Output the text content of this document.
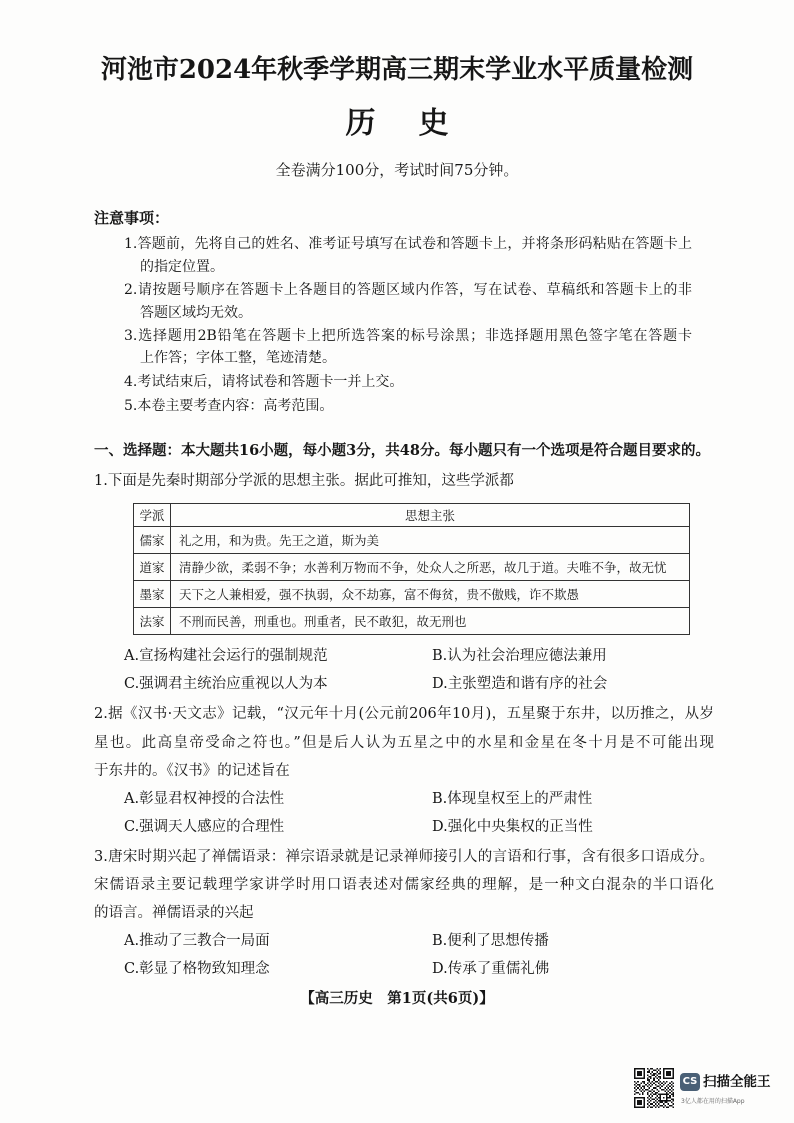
河池市2024年秋季学期高三期末学业水平质量检测
历史
全卷满分100分，考试时间75分钟。
注意事项：
1.答题前，先将自己的姓名、准考证号填写在试卷和答题卡上，并将条形码粘贴在答题卡上
的指定位置。
2.请按题号顺序在答题卡上各题目的答题区域内作答，写在试卷、草稿纸和答题卡上的非
答题区域均无效。
3.选择题用2B铅笔在答题卡上把所选答案的标号涂黑；非选择题用黑色签字笔在答题卡
上作答；字体工整，笔迹清楚。
4.考试结束后，请将试卷和答题卡一并上交。
5.本卷主要考查内容：高考范围。
一、选择题：本大题共16小题，每小题3分，共48分。每小题只有一个选项是符合题目要求的。
1.下面是先秦时期部分学派的思想主张。据此可推知，这些学派都
学派	思想主张
儒家	礼之用，和为贵。先王之道，斯为美
道家	清静少欲，柔弱不争；水善利万物而不争，处众人之所恶，故几于道。夫唯不争，故无忧
墨家	天下之人兼相爱，强不执弱，众不劫寡，富不侮贫，贵不傲贱，诈不欺愚
法家	不刑而民善，刑重也。刑重者，民不敢犯，故无刑也
A.宣扬构建社会运行的强制规范	B.认为社会治理应德法兼用
C.强调君主统治应重视以人为本	D.主张塑造和谐有序的社会
2.据《汉书·天文志》记载，“汉元年十月(公元前206年10月)，五星聚于东井，以历推之，从岁
星也。此高皇帝受命之符也。”但是后人认为五星之中的水星和金星在冬十月是不可能出现
于东井的。《汉书》的记述旨在
A.彰显君权神授的合法性	B.体现皇权至上的严肃性
C.强调天人感应的合理性	D.强化中央集权的正当性
3.唐宋时期兴起了禅儒语录：禅宗语录就是记录禅师接引人的言语和行事，含有很多口语成分。
宋儒语录主要记载理学家讲学时用口语表述对儒家经典的理解，是一种文白混杂的半口语化
的语言。禅儒语录的兴起
A.推动了三教合一局面	B.便利了思想传播
C.彰显了格物致知理念	D.传承了重儒礼佛
【高三历史　第1页(共6页)】
CS 扫描全能王
3亿人都在用的扫描App
